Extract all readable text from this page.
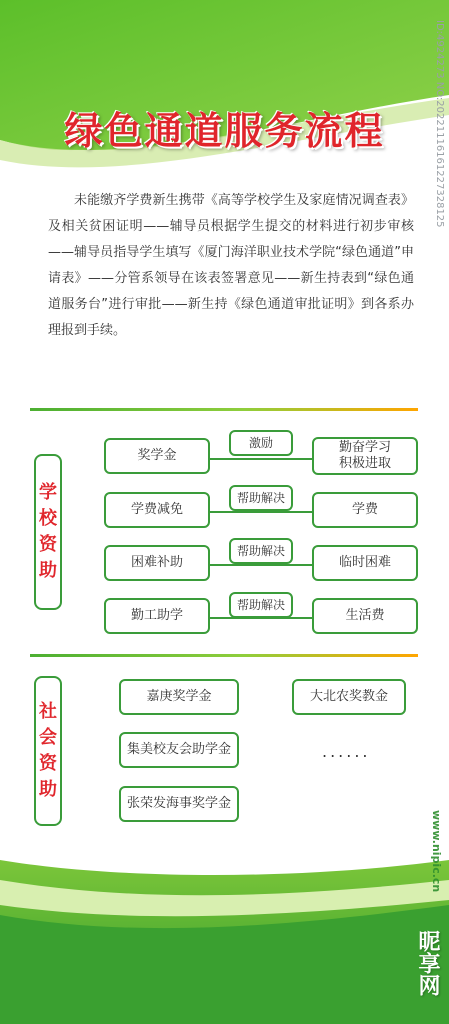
ID:4924273 NO:20221116161227328125
绿色通道服务流程
未能缴齐学费新生携带《高等学校学生及家庭情况调查表》及相关贫困证明——辅导员根据学生提交的材料进行初步审核——辅导员指导学生填写《厦门海洋职业技术学院“绿色通道”申请表》——分管系领导在该表签署意见——新生持表到“绿色通道服务台”进行审批——新生持《绿色通道审批证明》到各系办理报到手续。
学
校
资
助
奖学金
激励	勤奋学习
积极进取
学费减免
帮助解决
学费
困难补助
帮助解决
临时困难
勤工助学
帮助解决
生活费
社
会
资
助
嘉庚奖学金
集美校友会助学金
张荣发海事奖学金
大北农奖教金
......
www.nipic.cn
昵享网
